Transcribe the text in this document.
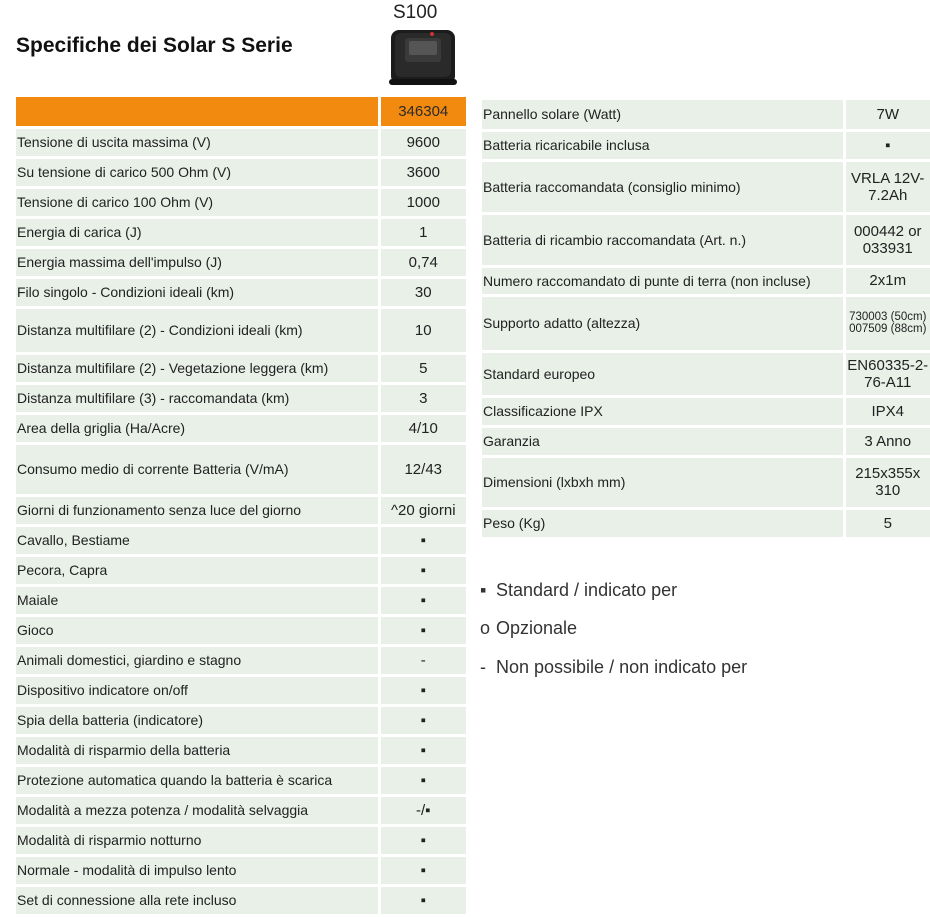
Specifiche dei Solar S Serie
S100
	346304
Tensione di uscita massima (V)	9600
Su tensione di carico 500 Ohm (V)	3600
Tensione di carico 100 Ohm (V)	1000
Energia di carica (J)	1
Energia massima dell'impulso (J)	0,74
Filo singolo - Condizioni ideali (km)	30
Distanza multifilare (2) - Condizioni ideali (km)	10
Distanza multifilare (2) - Vegetazione leggera (km)	5
Distanza multifilare (3) - raccomandata (km)	3
Area della griglia (Ha/Acre)	4/10
Consumo medio di corrente Batteria (V/mA)	12/43
Giorni di funzionamento senza luce del giorno	^20 giorni
Cavallo, Bestiame	▪
Pecora, Capra	▪
Maiale	▪
Gioco	▪
Animali domestici, giardino e stagno	-
Dispositivo indicatore on/off	▪
Spia della batteria (indicatore)	▪
Modalità di risparmio della batteria	▪
Protezione automatica quando la batteria è scarica	▪
Modalità a mezza potenza / modalità selvaggia	-/▪
Modalità di risparmio notturno	▪
Normale - modalità di impulso lento	▪
Set di connessione alla rete incluso	▪
Pannello solare (Watt)	7W
Batteria ricaricabile inclusa	▪
Batteria raccomandata (consiglio minimo)	VRLA 12V-7.2Ah
Batteria di ricambio raccomandata (Art. n.)	000442 or 033931
Numero raccomandato di punte di terra (non incluse)	2x1m
Supporto adatto (altezza)	730003 (50cm) 007509 (88cm)
Standard europeo	EN60335-2-76-A11
Classificazione IPX	IPX4
Garanzia	3 Anno
Dimensioni (lxbxh mm)	215x355x 310
Peso (Kg)	5
▪ Standard / indicato per
o Opzionale
- Non possibile / non indicato per
